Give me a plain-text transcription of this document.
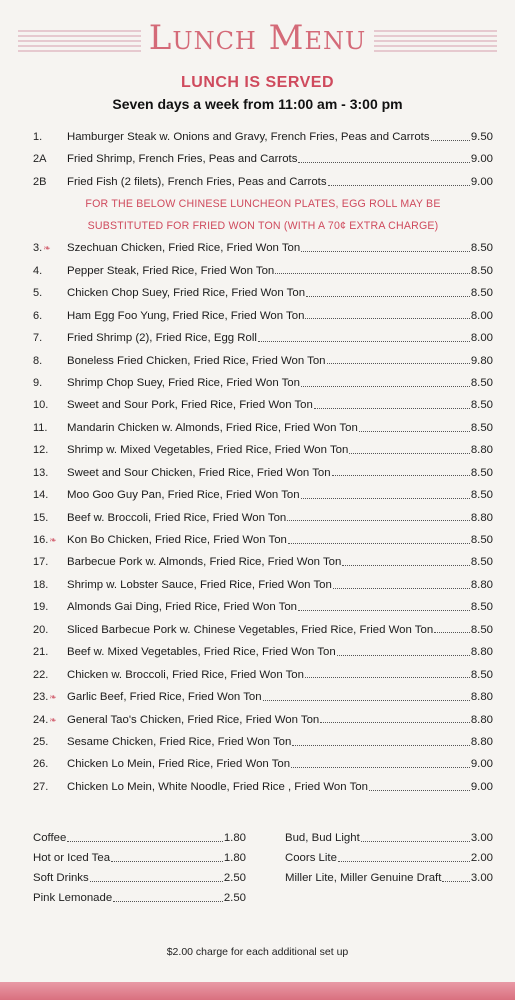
Lunch Menu
LUNCH IS SERVED
Seven days a week from 11:00 am - 3:00 pm
1.	Hamburger Steak w. Onions and Gravy, French Fries, Peas and Carrots	9.50
2A	Fried Shrimp, French Fries, Peas and Carrots	9.00
2B	Fried Fish (2 filets), French Fries, Peas and Carrots	9.00
FOR THE BELOW CHINESE LUNCHEON PLATES, EGG ROLL MAY BE
SUBSTITUTED FOR FRIED WON TON (WITH A 70¢ EXTRA CHARGE)
3.❧	Szechuan Chicken, Fried Rice, Fried Won Ton	8.50
4.	Pepper Steak, Fried Rice, Fried Won Ton	8.50
5.	Chicken Chop Suey, Fried Rice, Fried Won Ton	8.50
6.	Ham Egg Foo Yung, Fried Rice, Fried Won Ton	8.00
7.	Fried Shrimp (2), Fried Rice, Egg Roll	8.00
8.	Boneless Fried Chicken, Fried Rice, Fried Won Ton	9.80
9.	Shrimp Chop Suey, Fried Rice, Fried Won Ton	8.50
10.	Sweet and Sour Pork, Fried Rice, Fried Won Ton	8.50
11.	Mandarin Chicken w. Almonds, Fried Rice, Fried Won Ton	8.50
12.	Shrimp w. Mixed Vegetables, Fried Rice, Fried Won Ton	8.80
13.	Sweet and Sour Chicken, Fried Rice, Fried Won Ton	8.50
14.	Moo Goo Guy Pan, Fried Rice, Fried Won Ton	8.50
15.	Beef w. Broccoli, Fried Rice, Fried Won Ton	8.80
16.❧ Kon Bo Chicken, Fried Rice, Fried Won Ton	8.50
17.	Barbecue Pork w. Almonds, Fried Rice, Fried Won Ton	8.50
18.	Shrimp w. Lobster Sauce, Fried Rice, Fried Won Ton	8.80
19.	Almonds Gai Ding, Fried Rice, Fried Won Ton	8.50
20.	Sliced Barbecue Pork w. Chinese Vegetables, Fried Rice, Fried Won Ton	8.50
21.	Beef w. Mixed Vegetables, Fried Rice, Fried Won Ton	8.80
22.	Chicken w. Broccoli, Fried Rice, Fried Won Ton	8.50
23.❧ Garlic Beef, Fried Rice, Fried Won Ton	8.80
24.❧ General Tao's Chicken, Fried Rice, Fried Won Ton	8.80
25.	Sesame Chicken, Fried Rice, Fried Won Ton	8.80
26.	Chicken Lo Mein, Fried Rice, Fried Won Ton	9.00
27.	Chicken Lo Mein, White Noodle, Fried Rice , Fried Won Ton	9.00
Coffee	1.80
Hot or Iced Tea	1.80
Soft Drinks	2.50
Pink Lemonade	2.50
Bud, Bud Light	3.00
Coors Lite	2.00
Miller Lite, Miller Genuine Draft	3.00
$2.00 charge for each additional set up
